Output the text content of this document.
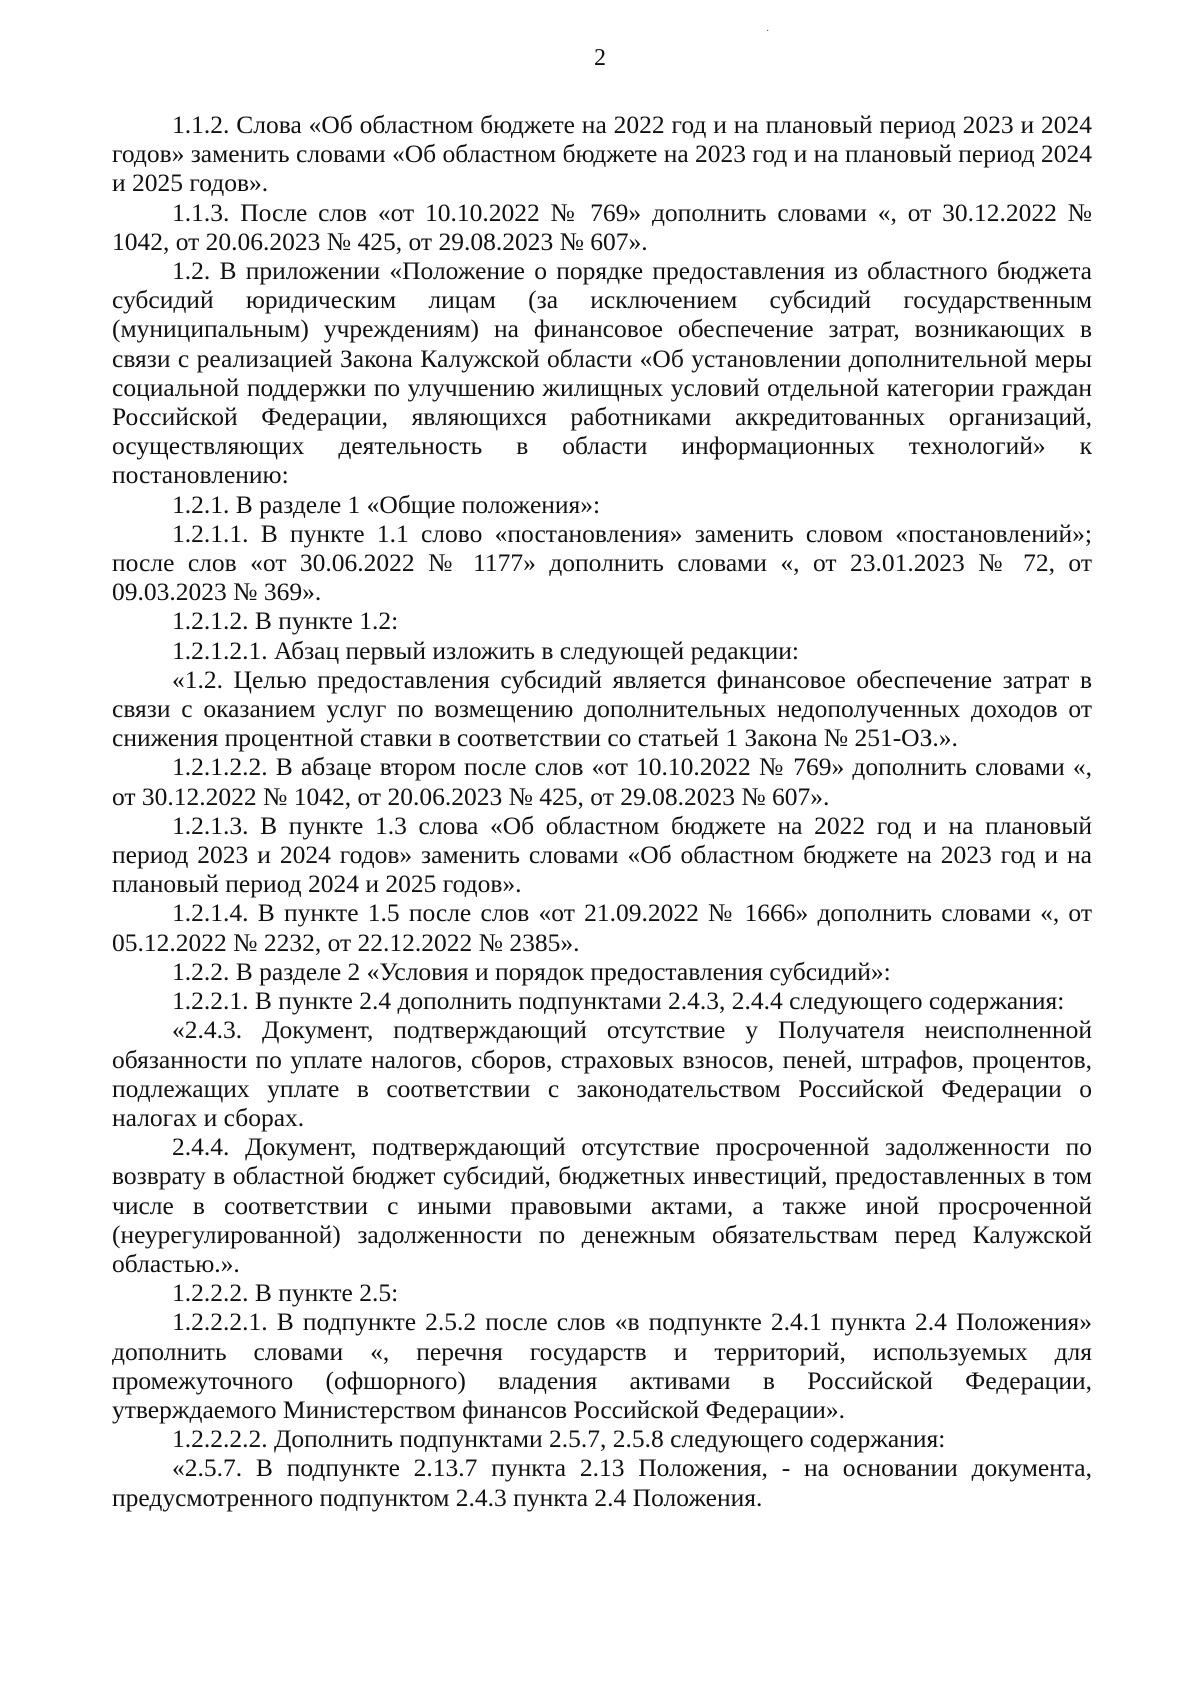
·
2

1.1.2. Слова «Об областном бюджете на 2022 год и на плановый период 2023 и 2024 годов» заменить словами «Об областном бюджете на 2023 год и на плановый период 2024 и 2025 годов».

1.1.3. После слов «от 10.10.2022 № 769» дополнить словами «, от 30.12.2022 № 1042, от 20.06.2023 № 425, от 29.08.2023 № 607».

1.2. В приложении «Положение о порядке предоставления из областного бюджета субсидий юридическим лицам (за исключением субсидий государственным (муниципальным) учреждениям) на финансовое обеспечение затрат, возникающих в связи с реализацией Закона Калужской области «Об установлении дополнительной меры социальной поддержки по улучшению жилищных условий отдельной категории граждан Российской Федерации, являющихся работниками аккредитованных организаций, осуществляющих деятельность в области информационных технологий» к постановлению:

1.2.1. В разделе 1 «Общие положения»:

1.2.1.1. В пункте 1.1 слово «постановления» заменить словом «постановлений»; после слов «от 30.06.2022 № 1177» дополнить словами «, от 23.01.2023 № 72, от 09.03.2023 № 369».

1.2.1.2. В пункте 1.2:

1.2.1.2.1. Абзац первый изложить в следующей редакции:

«1.2. Целью предоставления субсидий является финансовое обеспечение затрат в связи с оказанием услуг по возмещению дополнительных недополученных доходов от снижения процентной ставки в соответствии со статьей 1 Закона № 251-ОЗ.».

1.2.1.2.2. В абзаце втором после слов «от 10.10.2022 № 769» дополнить словами «, от 30.12.2022 № 1042, от 20.06.2023 № 425, от 29.08.2023 № 607».

1.2.1.3. В пункте 1.3 слова «Об областном бюджете на 2022 год и на плановый период 2023 и 2024 годов» заменить словами «Об областном бюджете на 2023 год и на плановый период 2024 и 2025 годов».

1.2.1.4. В пункте 1.5 после слов «от 21.09.2022 № 1666» дополнить словами «, от 05.12.2022 № 2232, от 22.12.2022 № 2385».

1.2.2. В разделе 2 «Условия и порядок предоставления субсидий»:

1.2.2.1. В пункте 2.4 дополнить подпунктами 2.4.3, 2.4.4 следующего содержания:

«2.4.3. Документ, подтверждающий отсутствие у Получателя неисполненной обязанности по уплате налогов, сборов, страховых взносов, пеней, штрафов, процентов, подлежащих уплате в соответствии с законодательством Российской Федерации о налогах и сборах.

2.4.4. Документ, подтверждающий отсутствие просроченной задолженности по возврату в областной бюджет субсидий, бюджетных инвестиций, предоставленных в том числе в соответствии с иными правовыми актами, а также иной просроченной (неурегулированной) задолженности по денежным обязательствам перед Калужской областью.».

1.2.2.2. В пункте 2.5:

1.2.2.2.1. В подпункте 2.5.2 после слов «в подпункте 2.4.1 пункта 2.4 Положения» дополнить словами «, перечня государств и территорий, используемых для промежуточного (офшорного) владения активами в Российской Федерации, утверждаемого Министерством финансов Российской Федерации».

1.2.2.2.2. Дополнить подпунктами 2.5.7, 2.5.8 следующего содержания:

«2.5.7. В подпункте 2.13.7 пункта 2.13 Положения, - на основании документа, предусмотренного подпунктом 2.4.3 пункта 2.4 Положения.
